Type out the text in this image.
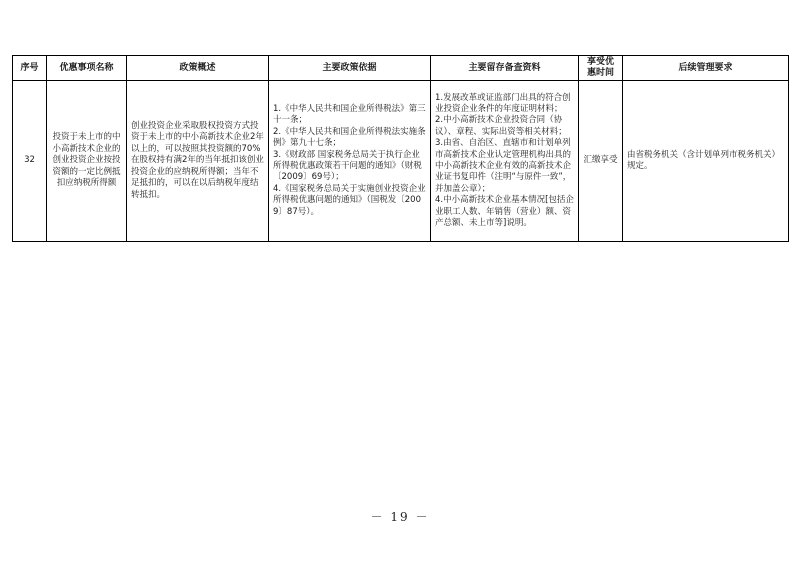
序号	优惠事项名称	政策概述	主要政策依据	主要留存备查资料	享受优惠时间	后续管理要求
32	投资于未上市的中小高新技术企业的创业投资企业按投资额的一定比例抵扣应纳税所得额	创业投资企业采取股权投资方式投资于未上市的中小高新技术企业2年以上的，可以按照其投资额的70%在股权持有满2年的当年抵扣该创业投资企业的应纳税所得额；当年不足抵扣的，可以在以后纳税年度结转抵扣。	1.《中华人民共和国企业所得税法》第三十一条；
2.《中华人民共和国企业所得税法实施条例》第九十七条；
3.《财政部 国家税务总局关于执行企业所得税优惠政策若干问题的通知》（财税〔2009〕69号）；
4.《国家税务总局关于实施创业投资企业所得税优惠问题的通知》（国税发〔2009〕87号）。	1.发展改革或证监部门出具的符合创业投资企业条件的年度证明材料；
2.中小高新技术企业投资合同（协议）、章程、实际出资等相关材料；
3.由省、自治区、直辖市和计划单列市高新技术企业认定管理机构出具的中小高新技术企业有效的高新技术企业证书复印件（注明“与原件一致”，并加盖公章）；
4.中小高新技术企业基本情况[包括企业职工人数、年销售（营业）额、资产总额、未上市等]说明。	汇缴享受	由省税务机关（含计划单列市税务机关）规定。
－ 19 －
